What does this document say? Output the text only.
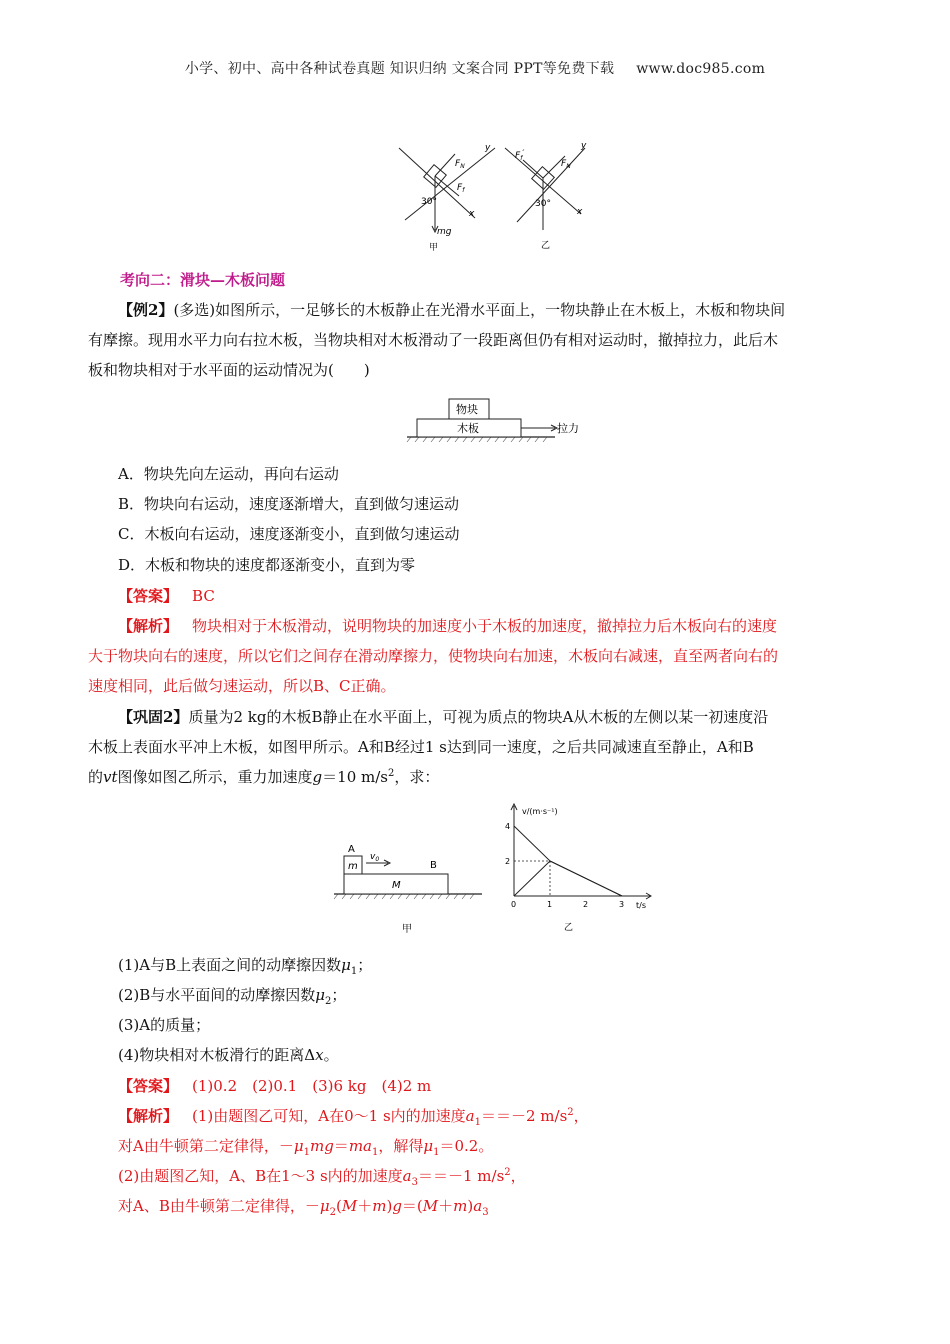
小学、初中、高中各种试卷真题 知识归纳 文案合同 PPT等免费下载 www.doc985.com
$F_N$
$F_f$
30°
mg
x
y
甲
$F_f'$
$F_N$
30°
x
y
乙
考向二：滑块—木板问题
【例2】(多选)如图所示，一足够长的木板静止在光滑水平面上，一物块静止在木板上，木板和物块间
有摩擦。现用水平力向右拉木板，当物块相对木板滑动了一段距离但仍有相对运动时，撤掉拉力，此后木
板和物块相对于水平面的运动情况为(　　)
物块
木板	拉力
A．物块先向左运动，再向右运动
B．物块向右运动，速度逐渐增大，直到做匀速运动
C．木板向右运动，速度逐渐变小，直到做匀速运动
D．木板和物块的速度都逐渐变小，直到为零
【答案】 BC
【解析】 物块相对于木板滑动，说明物块的加速度小于木板的加速度，撤掉拉力后木板向右的速度
大于物块向右的速度，所以它们之间存在滑动摩擦力，使物块向右加速，木板向右减速，直至两者向右的
速度相同，此后做匀速运动，所以B、C正确。
【巩固2】质量为2 kg的木板B静止在水平面上，可视为质点的物块A从木板的左侧以某一初速度沿
木板上表面水平冲上木板，如图甲所示。A和B经过1 s达到同一速度，之后共同减速直至静止，A和B
的vt图像如图乙所示，重力加速度g＝10 $m/s^2$，求：
A
m
$v_0$
B
M
甲
v/(m·s⁻¹)
t/s
乙
0	1	2	3
4
2
(1)A与B上表面之间的动摩擦因数$\mu_1$；
(2)B与水平面间的动摩擦因数$\mu_2$；
(3)A的质量；
(4)物块相对木板滑行的距离Δx。
【答案】 (1)0.2　(2)0.1　(3)6 kg　(4)2 m
【解析】 (1)由题图乙可知，A在0～1 s内的加速度$a_1==-2$ $m/s^2$，
对A由牛顿第二定律得，$-\mu_1mg=ma_1$，解得$\mu_1=0.2$。
(2)由题图乙知，A、B在1～3 s内的加速度$a_3==-1$ $m/s^2$，
对A、B由牛顿第二定律得，$-\mu_2(M+m)g=(M+m)a_3$
